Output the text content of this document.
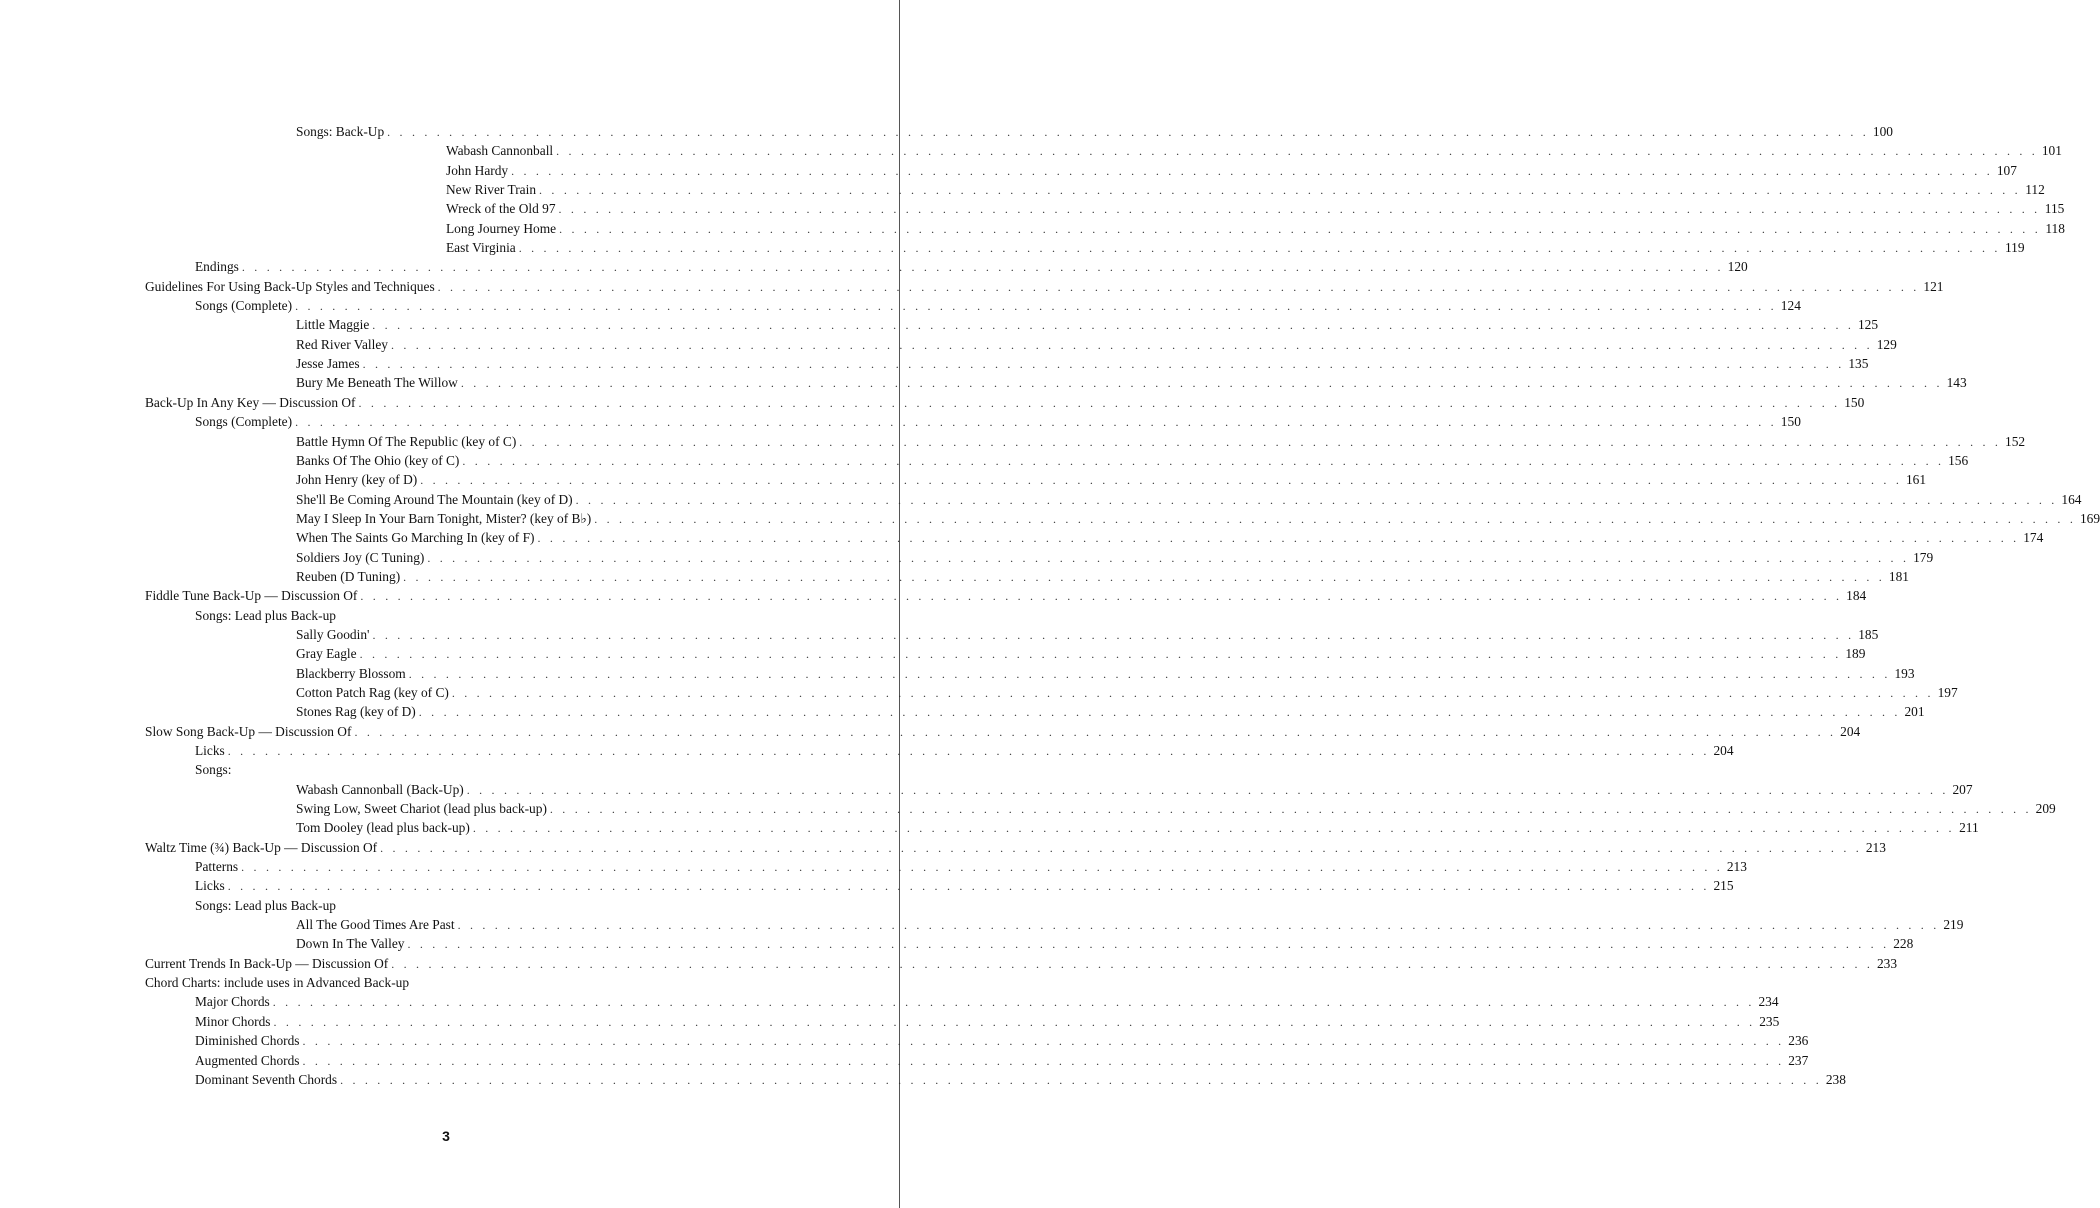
Songs: Back-Up . . . . . . . . . . . . . . . . . . . . . . . . . . . . . . . . . . . . . . . . . . . . . . . . . . . . . . . . . . . . . . . . . . . . . . . . . . . . . . . . . . . . . . . . . . . . . . . . . . . . . . . . . . . . . . . . . . . . . . . . 100
Wabash Cannonball . . . . . . . . . . . . . . . . . . . . . . . . . . . . . . . . . . . . . . . . . . . . . . . . . . . . . . . . . . . . . . . . . . . . . . . . . . . . . . . . . . . . . . . . . . . . . . . . . . . . . . . . . . . . . . . . . . . . . . . . 101
John Hardy . . . . . . . . . . . . . . . . . . . . . . . . . . . . . . . . . . . . . . . . . . . . . . . . . . . . . . . . . . . . . . . . . . . . . . . . . . . . . . . . . . . . . . . . . . . . . . . . . . . . . . . . . . . . . . . . . . . . . . . . 107
New River Train . . . . . . . . . . . . . . . . . . . . . . . . . . . . . . . . . . . . . . . . . . . . . . . . . . . . . . . . . . . . . . . . . . . . . . . . . . . . . . . . . . . . . . . . . . . . . . . . . . . . . . . . . . . . . . . . . . . . . . . . 112
Wreck of the Old 97 . . . . . . . . . . . . . . . . . . . . . . . . . . . . . . . . . . . . . . . . . . . . . . . . . . . . . . . . . . . . . . . . . . . . . . . . . . . . . . . . . . . . . . . . . . . . . . . . . . . . . . . . . . . . . . . . . . . . . . . . 115
Long Journey Home . . . . . . . . . . . . . . . . . . . . . . . . . . . . . . . . . . . . . . . . . . . . . . . . . . . . . . . . . . . . . . . . . . . . . . . . . . . . . . . . . . . . . . . . . . . . . . . . . . . . . . . . . . . . . . . . . . . . . . . . 118
East Virginia . . . . . . . . . . . . . . . . . . . . . . . . . . . . . . . . . . . . . . . . . . . . . . . . . . . . . . . . . . . . . . . . . . . . . . . . . . . . . . . . . . . . . . . . . . . . . . . . . . . . . . . . . . . . . . . . . . . . . . . . 119
Endings . . . . . . . . . . . . . . . . . . . . . . . . . . . . . . . . . . . . . . . . . . . . . . . . . . . . . . . . . . . . . . . . . . . . . . . . . . . . . . . . . . . . . . . . . . . . . . . . . . . . . . . . . . . . . . . . . . . . . . . . 120
Guidelines For Using Back-Up Styles and Techniques . . . . . . . . . . . . . . . . . . . . . . . . . . . . . . . . . . . . . . . . . . . . . . . . . . . . . . . . . . . . . . . . . . . . . . . . . . . . . . . . . . . . . . . . . . . . . . . . . . . . . . . . . . . . . . . . . . . . . . . . 121
Songs (Complete) . . . . . . . . . . . . . . . . . . . . . . . . . . . . . . . . . . . . . . . . . . . . . . . . . . . . . . . . . . . . . . . . . . . . . . . . . . . . . . . . . . . . . . . . . . . . . . . . . . . . . . . . . . . . . . . . . . . . . . . . 124
Little Maggie . . . . . . . . . . . . . . . . . . . . . . . . . . . . . . . . . . . . . . . . . . . . . . . . . . . . . . . . . . . . . . . . . . . . . . . . . . . . . . . . . . . . . . . . . . . . . . . . . . . . . . . . . . . . . . . . . . . . . . . . 125
Red River Valley . . . . . . . . . . . . . . . . . . . . . . . . . . . . . . . . . . . . . . . . . . . . . . . . . . . . . . . . . . . . . . . . . . . . . . . . . . . . . . . . . . . . . . . . . . . . . . . . . . . . . . . . . . . . . . . . . . . . . . . . 129
Jesse James . . . . . . . . . . . . . . . . . . . . . . . . . . . . . . . . . . . . . . . . . . . . . . . . . . . . . . . . . . . . . . . . . . . . . . . . . . . . . . . . . . . . . . . . . . . . . . . . . . . . . . . . . . . . . . . . . . . . . . . . 135
Bury Me Beneath The Willow . . . . . . . . . . . . . . . . . . . . . . . . . . . . . . . . . . . . . . . . . . . . . . . . . . . . . . . . . . . . . . . . . . . . . . . . . . . . . . . . . . . . . . . . . . . . . . . . . . . . . . . . . . . . . . . . . . . . . . . . 143
Back-Up In Any Key — Discussion Of . . . . . . . . . . . . . . . . . . . . . . . . . . . . . . . . . . . . . . . . . . . . . . . . . . . . . . . . . . . . . . . . . . . . . . . . . . . . . . . . . . . . . . . . . . . . . . . . . . . . . . . . . . . . . . . . . . . . . . . . 150
Songs (Complete) . . . . . . . . . . . . . . . . . . . . . . . . . . . . . . . . . . . . . . . . . . . . . . . . . . . . . . . . . . . . . . . . . . . . . . . . . . . . . . . . . . . . . . . . . . . . . . . . . . . . . . . . . . . . . . . . . . . . . . . . 150
Battle Hymn Of The Republic (key of C) . . . . . . . . . . . . . . . . . . . . . . . . . . . . . . . . . . . . . . . . . . . . . . . . . . . . . . . . . . . . . . . . . . . . . . . . . . . . . . . . . . . . . . . . . . . . . . . . . . . . . . . . . . . . . . . . . . . . . . . . 152
Banks Of The Ohio (key of C) . . . . . . . . . . . . . . . . . . . . . . . . . . . . . . . . . . . . . . . . . . . . . . . . . . . . . . . . . . . . . . . . . . . . . . . . . . . . . . . . . . . . . . . . . . . . . . . . . . . . . . . . . . . . . . . . . . . . . . . . 156
John Henry (key of D) . . . . . . . . . . . . . . . . . . . . . . . . . . . . . . . . . . . . . . . . . . . . . . . . . . . . . . . . . . . . . . . . . . . . . . . . . . . . . . . . . . . . . . . . . . . . . . . . . . . . . . . . . . . . . . . . . . . . . . . . 161
She'll Be Coming Around The Mountain (key of D) . . . . . . . . . . . . . . . . . . . . . . . . . . . . . . . . . . . . . . . . . . . . . . . . . . . . . . . . . . . . . . . . . . . . . . . . . . . . . . . . . . . . . . . . . . . . . . . . . . . . . . . . . . . . . . . . . . . . . . . . 164
May I Sleep In Your Barn Tonight, Mister? (key of B♭) . . . . . . . . . . . . . . . . . . . . . . . . . . . . . . . . . . . . . . . . . . . . . . . . . . . . . . . . . . . . . . . . . . . . . . . . . . . . . . . . . . . . . . . . . . . . . . . . . . . . . . . . . . . . . . . . . . . . . . . . 169
When The Saints Go Marching In (key of F) . . . . . . . . . . . . . . . . . . . . . . . . . . . . . . . . . . . . . . . . . . . . . . . . . . . . . . . . . . . . . . . . . . . . . . . . . . . . . . . . . . . . . . . . . . . . . . . . . . . . . . . . . . . . . . . . . . . . . . . . 174
Soldiers Joy (C Tuning) . . . . . . . . . . . . . . . . . . . . . . . . . . . . . . . . . . . . . . . . . . . . . . . . . . . . . . . . . . . . . . . . . . . . . . . . . . . . . . . . . . . . . . . . . . . . . . . . . . . . . . . . . . . . . . . . . . . . . . . . 179
Reuben (D Tuning) . . . . . . . . . . . . . . . . . . . . . . . . . . . . . . . . . . . . . . . . . . . . . . . . . . . . . . . . . . . . . . . . . . . . . . . . . . . . . . . . . . . . . . . . . . . . . . . . . . . . . . . . . . . . . . . . . . . . . . . . 181
Fiddle Tune Back-Up — Discussion Of . . . . . . . . . . . . . . . . . . . . . . . . . . . . . . . . . . . . . . . . . . . . . . . . . . . . . . . . . . . . . . . . . . . . . . . . . . . . . . . . . . . . . . . . . . . . . . . . . . . . . . . . . . . . . . . . . . . . . . . . 184
Songs: Lead plus Back-up
Sally Goodin' . . . . . . . . . . . . . . . . . . . . . . . . . . . . . . . . . . . . . . . . . . . . . . . . . . . . . . . . . . . . . . . . . . . . . . . . . . . . . . . . . . . . . . . . . . . . . . . . . . . . . . . . . . . . . . . . . . . . . . . . 185
Gray Eagle . . . . . . . . . . . . . . . . . . . . . . . . . . . . . . . . . . . . . . . . . . . . . . . . . . . . . . . . . . . . . . . . . . . . . . . . . . . . . . . . . . . . . . . . . . . . . . . . . . . . . . . . . . . . . . . . . . . . . . . . 189
Blackberry Blossom . . . . . . . . . . . . . . . . . . . . . . . . . . . . . . . . . . . . . . . . . . . . . . . . . . . . . . . . . . . . . . . . . . . . . . . . . . . . . . . . . . . . . . . . . . . . . . . . . . . . . . . . . . . . . . . . . . . . . . . . 193
Cotton Patch Rag (key of C) . . . . . . . . . . . . . . . . . . . . . . . . . . . . . . . . . . . . . . . . . . . . . . . . . . . . . . . . . . . . . . . . . . . . . . . . . . . . . . . . . . . . . . . . . . . . . . . . . . . . . . . . . . . . . . . . . . . . . . . . 197
Stones Rag (key of D) . . . . . . . . . . . . . . . . . . . . . . . . . . . . . . . . . . . . . . . . . . . . . . . . . . . . . . . . . . . . . . . . . . . . . . . . . . . . . . . . . . . . . . . . . . . . . . . . . . . . . . . . . . . . . . . . . . . . . . . . 201
Slow Song Back-Up — Discussion Of . . . . . . . . . . . . . . . . . . . . . . . . . . . . . . . . . . . . . . . . . . . . . . . . . . . . . . . . . . . . . . . . . . . . . . . . . . . . . . . . . . . . . . . . . . . . . . . . . . . . . . . . . . . . . . . . . . . . . . . . 204
Licks . . . . . . . . . . . . . . . . . . . . . . . . . . . . . . . . . . . . . . . . . . . . . . . . . . . . . . . . . . . . . . . . . . . . . . . . . . . . . . . . . . . . . . . . . . . . . . . . . . . . . . . . . . . . . . . . . . . . . . . . 204
Songs:
Wabash Cannonball (Back-Up) . . . . . . . . . . . . . . . . . . . . . . . . . . . . . . . . . . . . . . . . . . . . . . . . . . . . . . . . . . . . . . . . . . . . . . . . . . . . . . . . . . . . . . . . . . . . . . . . . . . . . . . . . . . . . . . . . . . . . . . . 207
Swing Low, Sweet Chariot (lead plus back-up) . . . . . . . . . . . . . . . . . . . . . . . . . . . . . . . . . . . . . . . . . . . . . . . . . . . . . . . . . . . . . . . . . . . . . . . . . . . . . . . . . . . . . . . . . . . . . . . . . . . . . . . . . . . . . . . . . . . . . . . . 209
Tom Dooley (lead plus back-up) . . . . . . . . . . . . . . . . . . . . . . . . . . . . . . . . . . . . . . . . . . . . . . . . . . . . . . . . . . . . . . . . . . . . . . . . . . . . . . . . . . . . . . . . . . . . . . . . . . . . . . . . . . . . . . . . . . . . . . . . 211
Waltz Time (¾) Back-Up — Discussion Of . . . . . . . . . . . . . . . . . . . . . . . . . . . . . . . . . . . . . . . . . . . . . . . . . . . . . . . . . . . . . . . . . . . . . . . . . . . . . . . . . . . . . . . . . . . . . . . . . . . . . . . . . . . . . . . . . . . . . . . . 213
Patterns . . . . . . . . . . . . . . . . . . . . . . . . . . . . . . . . . . . . . . . . . . . . . . . . . . . . . . . . . . . . . . . . . . . . . . . . . . . . . . . . . . . . . . . . . . . . . . . . . . . . . . . . . . . . . . . . . . . . . . . . 213
Licks . . . . . . . . . . . . . . . . . . . . . . . . . . . . . . . . . . . . . . . . . . . . . . . . . . . . . . . . . . . . . . . . . . . . . . . . . . . . . . . . . . . . . . . . . . . . . . . . . . . . . . . . . . . . . . . . . . . . . . . . 215
Songs: Lead plus Back-up
All The Good Times Are Past . . . . . . . . . . . . . . . . . . . . . . . . . . . . . . . . . . . . . . . . . . . . . . . . . . . . . . . . . . . . . . . . . . . . . . . . . . . . . . . . . . . . . . . . . . . . . . . . . . . . . . . . . . . . . . . . . . . . . . . . 219
Down In The Valley . . . . . . . . . . . . . . . . . . . . . . . . . . . . . . . . . . . . . . . . . . . . . . . . . . . . . . . . . . . . . . . . . . . . . . . . . . . . . . . . . . . . . . . . . . . . . . . . . . . . . . . . . . . . . . . . . . . . . . . . 228
Current Trends In Back-Up — Discussion Of . . . . . . . . . . . . . . . . . . . . . . . . . . . . . . . . . . . . . . . . . . . . . . . . . . . . . . . . . . . . . . . . . . . . . . . . . . . . . . . . . . . . . . . . . . . . . . . . . . . . . . . . . . . . . . . . . . . . . . . . 233
Chord Charts: include uses in Advanced Back-up
Major Chords . . . . . . . . . . . . . . . . . . . . . . . . . . . . . . . . . . . . . . . . . . . . . . . . . . . . . . . . . . . . . . . . . . . . . . . . . . . . . . . . . . . . . . . . . . . . . . . . . . . . . . . . . . . . . . . . . . . . . . . . 234
Minor Chords . . . . . . . . . . . . . . . . . . . . . . . . . . . . . . . . . . . . . . . . . . . . . . . . . . . . . . . . . . . . . . . . . . . . . . . . . . . . . . . . . . . . . . . . . . . . . . . . . . . . . . . . . . . . . . . . . . . . . . . . 235
Diminished Chords . . . . . . . . . . . . . . . . . . . . . . . . . . . . . . . . . . . . . . . . . . . . . . . . . . . . . . . . . . . . . . . . . . . . . . . . . . . . . . . . . . . . . . . . . . . . . . . . . . . . . . . . . . . . . . . . . . . . . . . . 236
Augmented Chords . . . . . . . . . . . . . . . . . . . . . . . . . . . . . . . . . . . . . . . . . . . . . . . . . . . . . . . . . . . . . . . . . . . . . . . . . . . . . . . . . . . . . . . . . . . . . . . . . . . . . . . . . . . . . . . . . . . . . . . . 237
Dominant Seventh Chords . . . . . . . . . . . . . . . . . . . . . . . . . . . . . . . . . . . . . . . . . . . . . . . . . . . . . . . . . . . . . . . . . . . . . . . . . . . . . . . . . . . . . . . . . . . . . . . . . . . . . . . . . . . . . . . . . . . . . . . . 238
3
